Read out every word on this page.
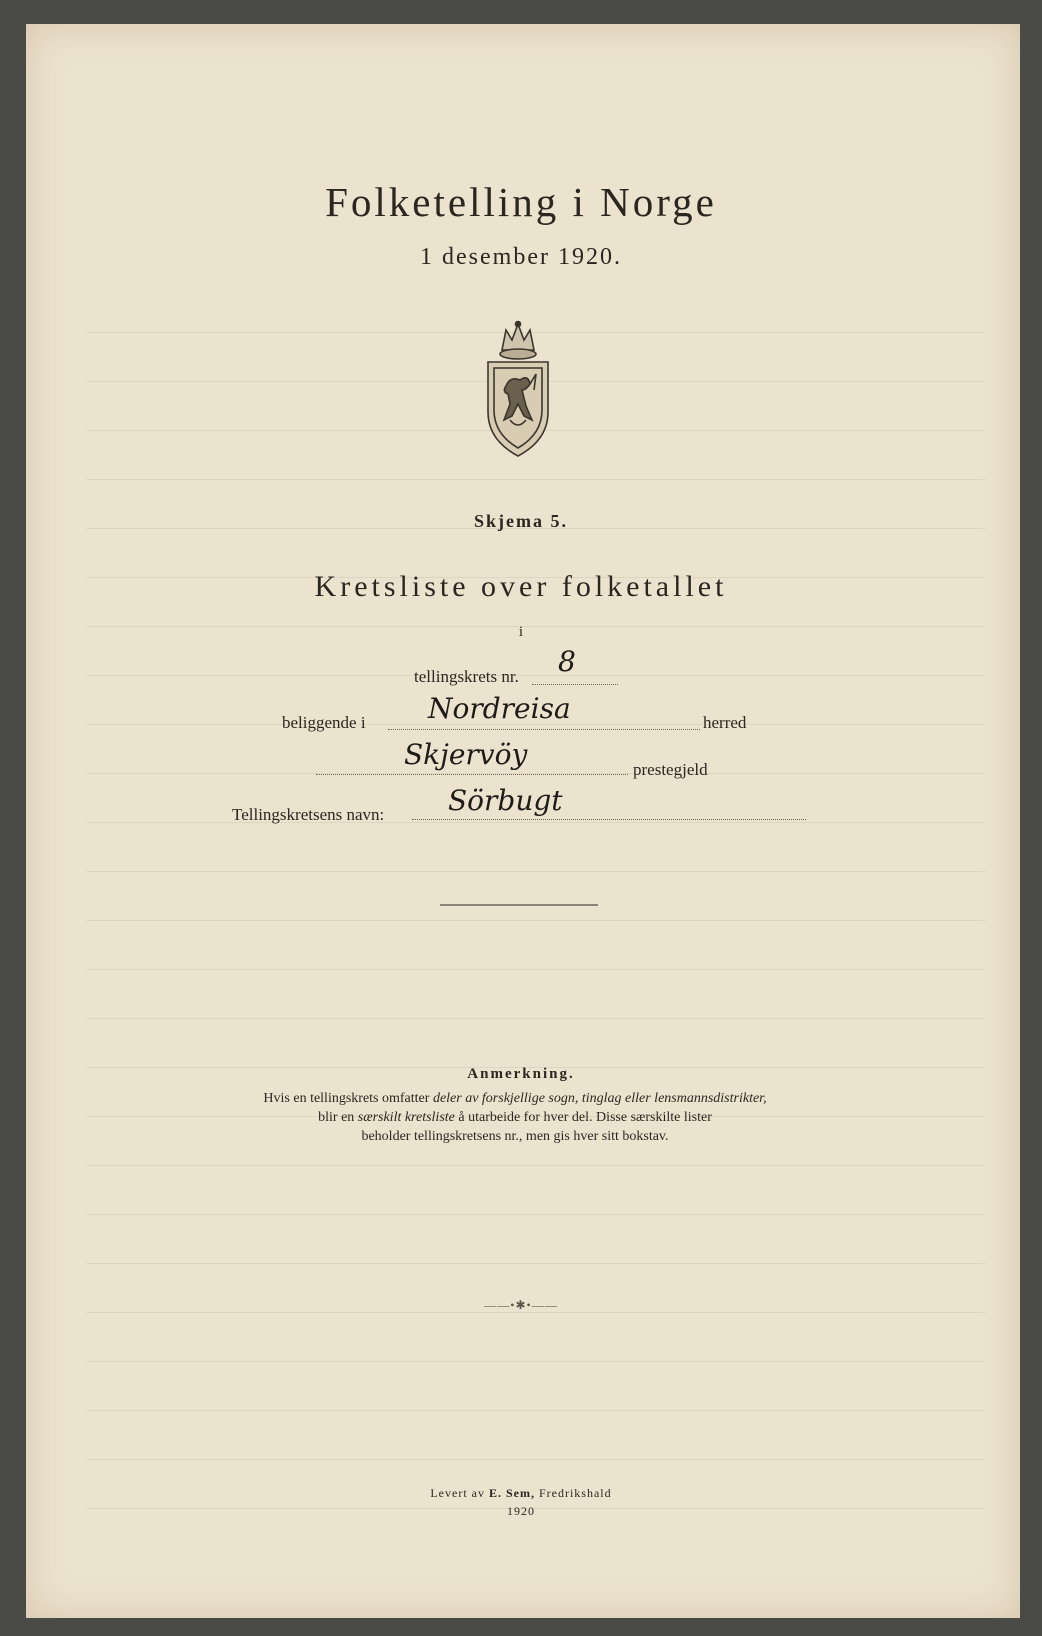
Folketelling i Norge
1 desember 1920.
Skjema 5.
Kretsliste over folketallet
i
tellingskrets nr. 8
beliggende i Nordreisa	herred
Skjervöy	prestegjeld
Tellingskretsens navn: Sörbugt
Anmerkning.
Hvis en tellingskrets omfatter deler av forskjellige sogn, tinglag eller lensmannsdistrikter,
blir en særskilt kretsliste å utarbeide for hver del. Disse særskilte lister
beholder tellingskretsens nr., men gis hver sitt bokstav.
——•✱•——
Levert av E. Sem, Fredrikshald
1920
